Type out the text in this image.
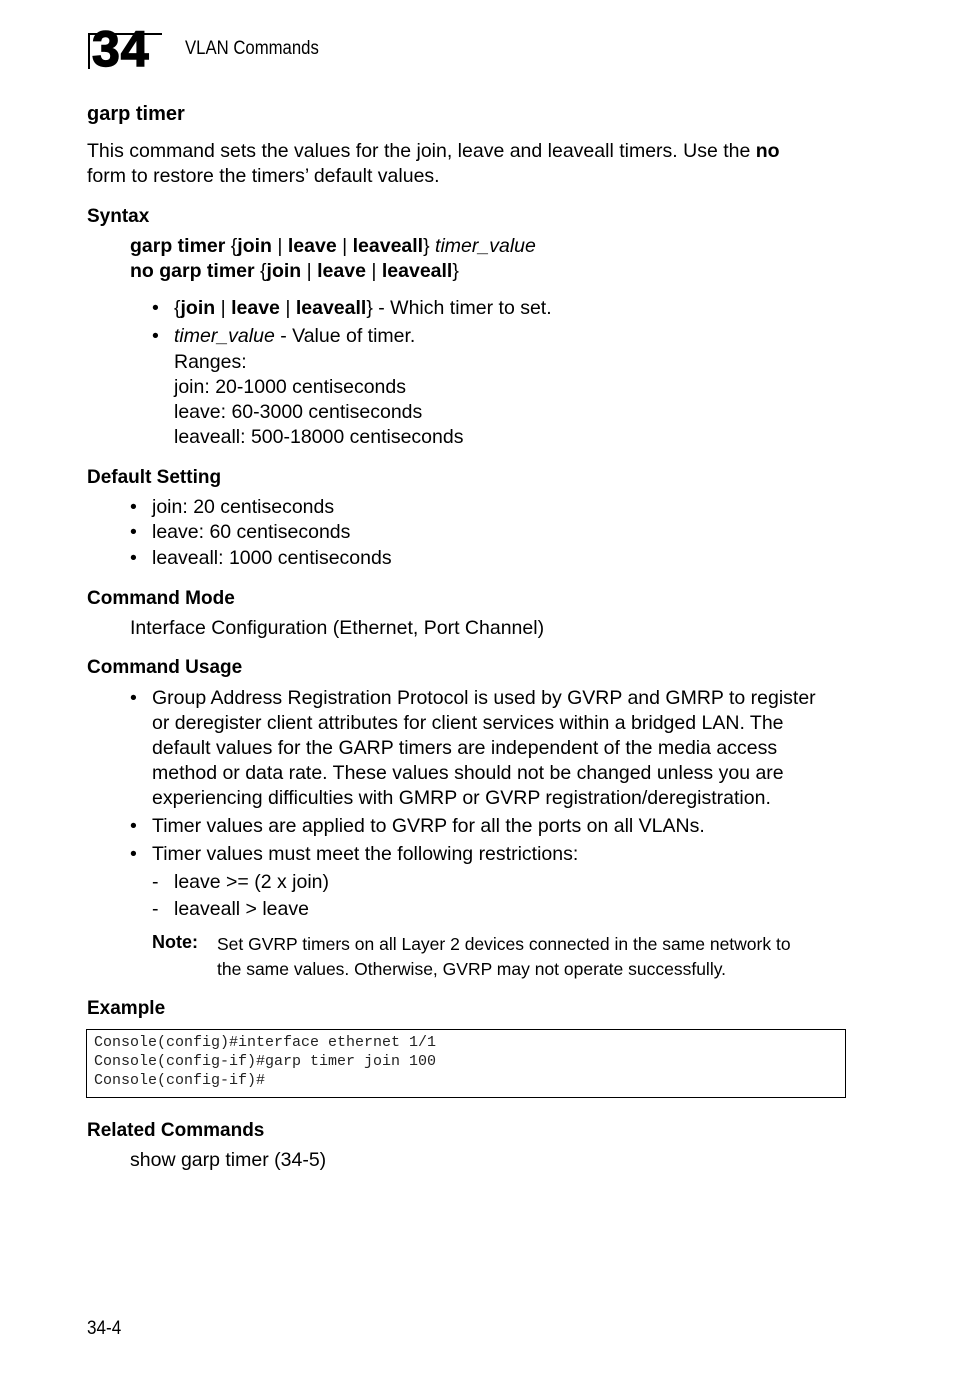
34 VLAN Commands
garp timer
This command sets the values for the join, leave and leaveall timers. Use the no
form to restore the timers’ default values.
Syntax
garp timer {join | leave | leaveall} timer_value
no garp timer {join | leave | leaveall}
• {join | leave | leaveall} - Which timer to set.
• timer_value - Value of timer.
Ranges:
join: 20-1000 centiseconds
leave: 60-3000 centiseconds
leaveall: 500-18000 centiseconds
Default Setting
• join: 20 centiseconds
• leave: 60 centiseconds
• leaveall: 1000 centiseconds
Command Mode
Interface Configuration (Ethernet, Port Channel)
Command Usage
• Group Address Registration Protocol is used by GVRP and GMRP to register
or deregister client attributes for client services within a bridged LAN. The
default values for the GARP timers are independent of the media access
method or data rate. These values should not be changed unless you are
experiencing difficulties with GMRP or GVRP registration/deregistration.
• Timer values are applied to GVRP for all the ports on all VLANs.
• Timer values must meet the following restrictions:
- leave >= (2 x join)
- leaveall > leave
Note: Set GVRP timers on all Layer 2 devices connected in the same network to
the same values. Otherwise, GVRP may not operate successfully.
Example
Console(config)#interface ethernet 1/1
Console(config-if)#garp timer join 100
Console(config-if)#
Related Commands
show garp timer (34-5)
34-4
